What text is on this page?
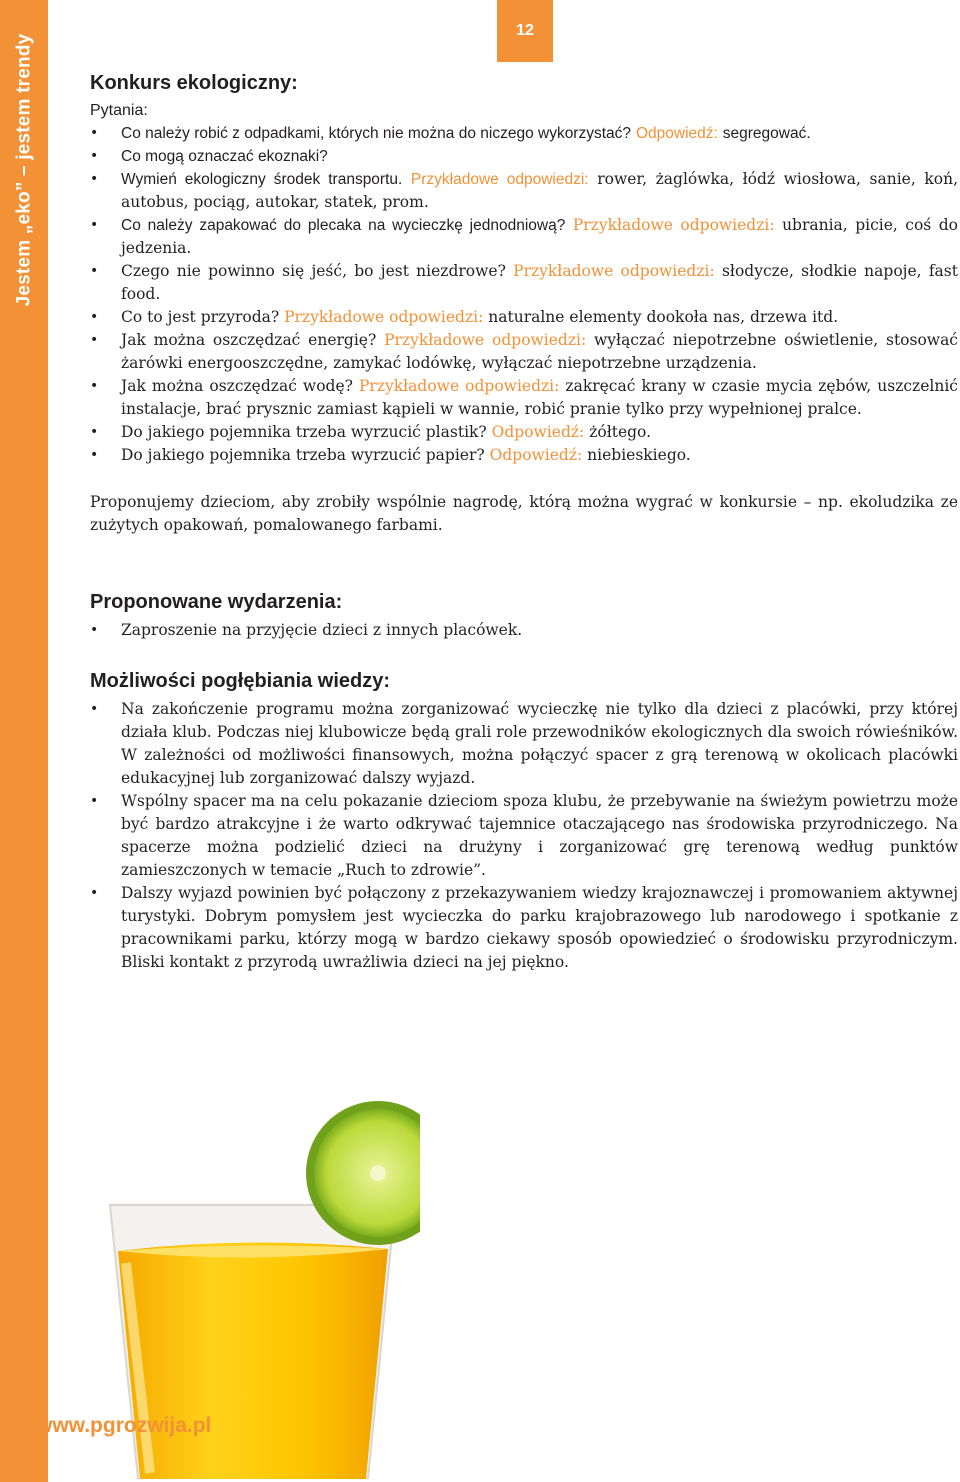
Jestem „eko” – jestem trendy
12
Konkurs ekologiczny:

Pytania:

• Co należy robić z odpadkami, których nie można do niczego wykorzystać? Odpowiedź: segregować.
• Co mogą oznaczać ekoznaki?
• Wymień ekologiczny środek transportu. Przykładowe odpowiedzi: rower, żaglówka, łódź wiosłowa, sanie, koń, autobus, pociąg, autokar, statek, prom.
• Co należy zapakować do plecaka na wycieczkę jednodniową? Przykładowe odpowiedzi: ubrania, picie, coś do jedzenia.
• Czego nie powinno się jeść, bo jest niezdrowe? Przykładowe odpowiedzi: słodycze, słodkie napoje, fast food.
• Co to jest przyroda? Przykładowe odpowiedzi: naturalne elementy dookoła nas, drzewa itd.
• Jak można oszczędzać energię? Przykładowe odpowiedzi: wyłączać niepotrzebne oświetlenie, stosować żarówki energooszczędne, zamykać lodówkę, wyłączać niepotrzebne urządzenia.
• Jak można oszczędzać wodę? Przykładowe odpowiedzi: zakręcać krany w czasie mycia zębów, uszczelnić instalacje, brać prysznic zamiast kąpieli w wannie, robić pranie tylko przy wypełnionej pralce.
• Do jakiego pojemnika trzeba wyrzucić plastik? Odpowiedź: żółtego.
• Do jakiego pojemnika trzeba wyrzucić papier? Odpowiedź: niebieskiego.

Proponujemy dzieciom, aby zrobiły wspólnie nagrodę, którą można wygrać w konkursie – np. ekoludzika ze zużytych opakowań, pomalowanego farbami.

Proponowane wydarzenia:
• Zaproszenie na przyjęcie dzieci z innych placówek.
Możliwości pogłębiania wiedzy:
• Na zakończenie programu można zorganizować wycieczkę nie tylko dla dzieci z placówki, przy której działa klub. Podczas niej klubowicze będą grali role przewodników ekologicznych dla swoich rówieśników. W zależności od możliwości finansowych, można połączyć spacer z grą terenową w okolicach placówki edukacyjnej lub zorganizować dalszy wyjazd.
• Wspólny spacer ma na celu pokazanie dzieciom spoza klubu, że przebywanie na świeżym powietrzu może być bardzo atrakcyjne i że warto odkrywać tajemnice otaczającego nas środowiska przyrodniczego. Na spacerze można podzielić dzieci na drużyny i zorganizować grę terenową według punktów zamieszczonych w temacie „Ruch to zdrowie”.
• Dalszy wyjazd powinien być połączony z przekazywaniem wiedzy krajoznawczej i promowaniem aktywnej turystyki. Dobrym pomysłem jest wycieczka do parku krajobrazowego lub narodowego i spotkanie z pracownikami parku, którzy mogą w bardzo ciekawy sposób opowiedzieć o środowisku przyrodniczym. Bliski kontakt z przyrodą uwrażliwia dzieci na jej piękno.
www.pgrozwija.pl
